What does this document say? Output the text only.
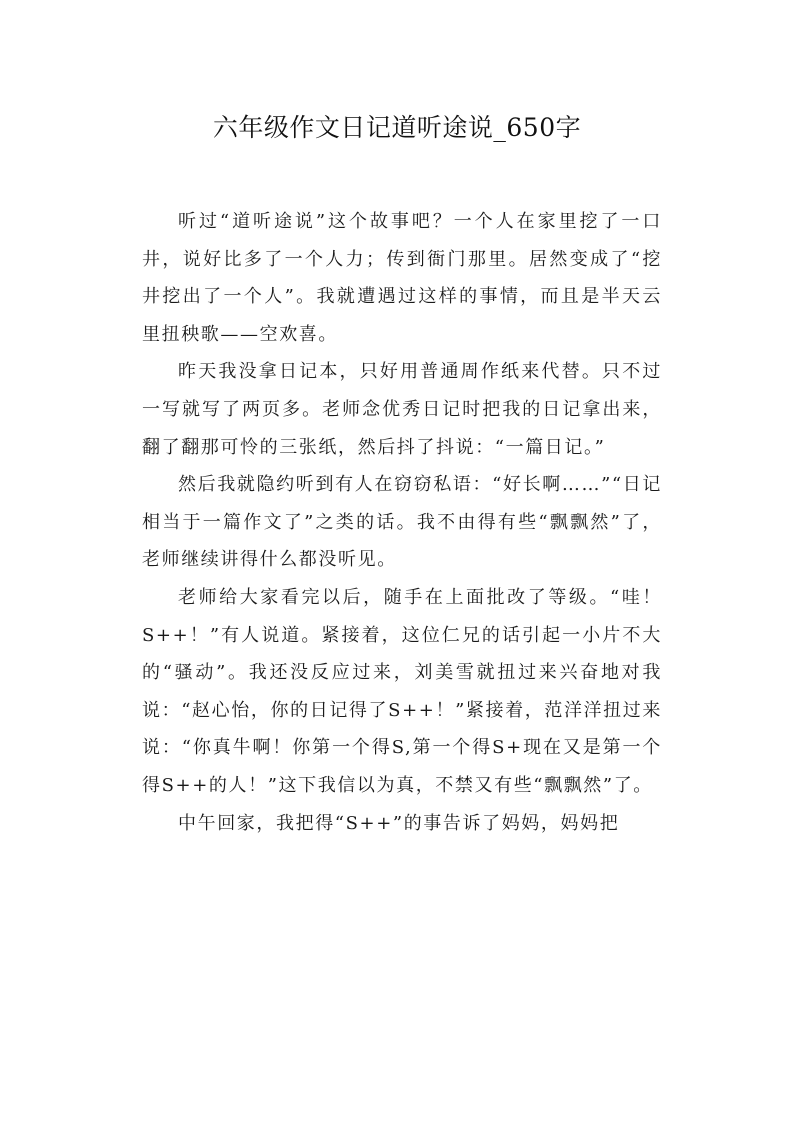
六年级作文日记道听途说_650字

听过“道听途说”这个故事吧？一个人在家里挖了一口井，说好比多了一个人力；传到衙门那里。居然变成了“挖井挖出了一个人”。我就遭遇过这样的事情，而且是半天云里扭秧歌——空欢喜。

昨天我没拿日记本，只好用普通周作纸来代替。只不过一写就写了两页多。老师念优秀日记时把我的日记拿出来，翻了翻那可怜的三张纸，然后抖了抖说：“一篇日记。”

然后我就隐约听到有人在窃窃私语：“好长啊……”“日记相当于一篇作文了”之类的话。我不由得有些“飘飘然”了，老师继续讲得什么都没听见。

老师给大家看完以后，随手在上面批改了等级。“哇！S++！”有人说道。紧接着，这位仁兄的话引起一小片不大的“骚动”。我还没反应过来，刘美雪就扭过来兴奋地对我说：“赵心怡，你的日记得了S++！”紧接着，范洋洋扭过来说：“你真牛啊！你第一个得S,第一个得S+现在又是第一个得S++的人！”这下我信以为真，不禁又有些“飘飘然”了。

中午回家，我把得“S++”的事告诉了妈妈，妈妈把
